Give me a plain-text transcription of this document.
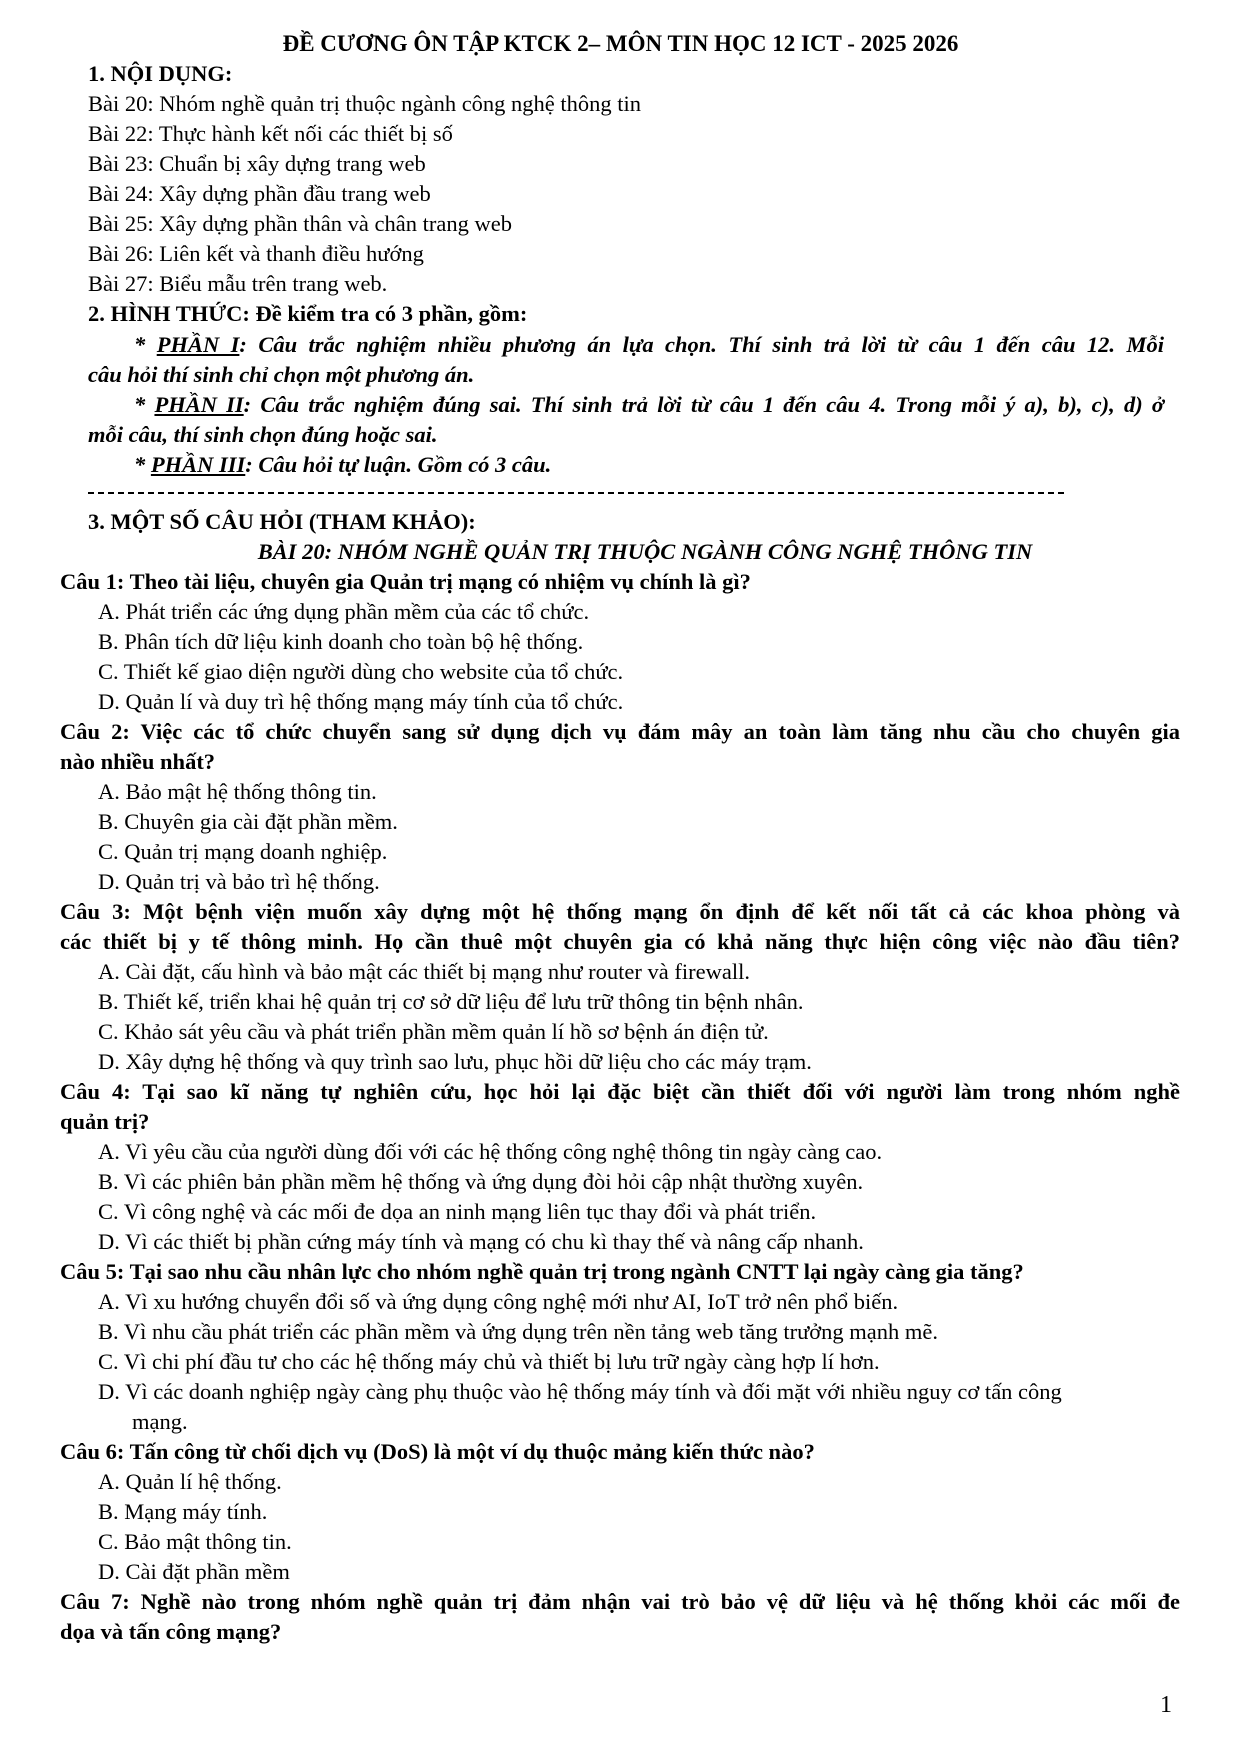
ĐỀ CƯƠNG ÔN TẬP KTCK 2– MÔN TIN HỌC 12 ICT - 2025 2026
1. NỘI DỤNG:
Bài 20: Nhóm nghề quản trị thuộc ngành công nghệ thông tin
Bài 22: Thực hành kết nối các thiết bị số
Bài 23: Chuẩn bị xây dựng trang web
Bài 24: Xây dựng phần đầu trang web
Bài 25: Xây dựng phần thân và chân trang web
Bài 26: Liên kết và thanh điều hướng
Bài 27: Biểu mẫu trên trang web.
2. HÌNH THỨC: Đề kiểm tra có 3 phần, gồm:
* PHẦN I: Câu trắc nghiệm nhiều phương án lựa chọn. Thí sinh trả lời từ câu 1 đến câu 12. Mỗi
câu hỏi thí sinh chỉ chọn một phương án.
* PHẦN II: Câu trắc nghiệm đúng sai. Thí sinh trả lời từ câu 1 đến câu 4. Trong mỗi ý a), b), c), d) ở
mỗi câu, thí sinh chọn đúng hoặc sai.
* PHẦN III: Câu hỏi tự luận. Gồm có 3 câu.
3. MỘT SỐ CÂU HỎI (THAM KHẢO):
BÀI 20: NHÓM NGHỀ QUẢN TRỊ THUỘC NGÀNH CÔNG NGHỆ THÔNG TIN
Câu 1: Theo tài liệu, chuyên gia Quản trị mạng có nhiệm vụ chính là gì?
A. Phát triển các ứng dụng phần mềm của các tổ chức.
B. Phân tích dữ liệu kinh doanh cho toàn bộ hệ thống.
C. Thiết kế giao diện người dùng cho website của tổ chức.
D. Quản lí và duy trì hệ thống mạng máy tính của tổ chức.
Câu 2: Việc các tổ chức chuyển sang sử dụng dịch vụ đám mây an toàn làm tăng nhu cầu cho chuyên gia
nào nhiều nhất?
A. Bảo mật hệ thống thông tin.
B. Chuyên gia cài đặt phần mềm.
C. Quản trị mạng doanh nghiệp.
D. Quản trị và bảo trì hệ thống.
Câu 3: Một bệnh viện muốn xây dựng một hệ thống mạng ổn định để kết nối tất cả các khoa phòng và
các thiết bị y tế thông minh. Họ cần thuê một chuyên gia có khả năng thực hiện công việc nào đầu tiên?
A. Cài đặt, cấu hình và bảo mật các thiết bị mạng như router và firewall.
B. Thiết kế, triển khai hệ quản trị cơ sở dữ liệu để lưu trữ thông tin bệnh nhân.
C. Khảo sát yêu cầu và phát triển phần mềm quản lí hồ sơ bệnh án điện tử.
D. Xây dựng hệ thống và quy trình sao lưu, phục hồi dữ liệu cho các máy trạm.
Câu 4: Tại sao kĩ năng tự nghiên cứu, học hỏi lại đặc biệt cần thiết đối với người làm trong nhóm nghề
quản trị?
A. Vì yêu cầu của người dùng đối với các hệ thống công nghệ thông tin ngày càng cao.
B. Vì các phiên bản phần mềm hệ thống và ứng dụng đòi hỏi cập nhật thường xuyên.
C. Vì công nghệ và các mối đe dọa an ninh mạng liên tục thay đổi và phát triển.
D. Vì các thiết bị phần cứng máy tính và mạng có chu kì thay thế và nâng cấp nhanh.
Câu 5: Tại sao nhu cầu nhân lực cho nhóm nghề quản trị trong ngành CNTT lại ngày càng gia tăng?
A. Vì xu hướng chuyển đổi số và ứng dụng công nghệ mới như AI, IoT trở nên phổ biến.
B. Vì nhu cầu phát triển các phần mềm và ứng dụng trên nền tảng web tăng trưởng mạnh mẽ.
C. Vì chi phí đầu tư cho các hệ thống máy chủ và thiết bị lưu trữ ngày càng hợp lí hơn.
D. Vì các doanh nghiệp ngày càng phụ thuộc vào hệ thống máy tính và đối mặt với nhiều nguy cơ tấn công
mạng.
Câu 6: Tấn công từ chối dịch vụ (DoS) là một ví dụ thuộc mảng kiến thức nào?
A. Quản lí hệ thống.
B. Mạng máy tính.
C. Bảo mật thông tin.
D. Cài đặt phần mềm
Câu 7: Nghề nào trong nhóm nghề quản trị đảm nhận vai trò bảo vệ dữ liệu và hệ thống khỏi các mối đe
dọa và tấn công mạng?
1
